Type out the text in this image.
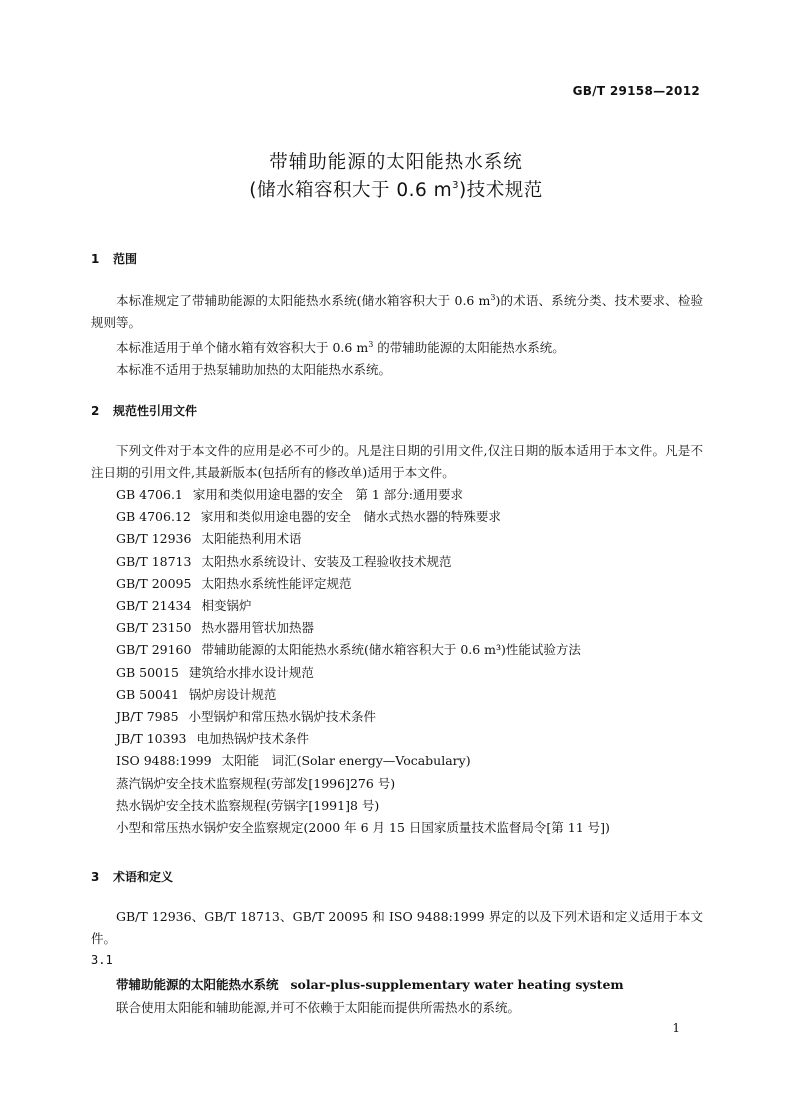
GB/T 29158—2012
带辅助能源的太阳能热水系统
(储水箱容积大于 0.6 $m^3$)技术规范
1 范围

本标准规定了带辅助能源的太阳能热水系统(储水箱容积大于 0.6 $m^3$)的术语、系统分类、技术要求、检验规则等。

本标准适用于单个储水箱有效容积大于 0.6 $m^3$ 的带辅助能源的太阳能热水系统。

本标准不适用于热泵辅助加热的太阳能热水系统。

2 规范性引用文件

下列文件对于本文件的应用是必不可少的。凡是注日期的引用文件,仅注日期的版本适用于本文件。凡是不注日期的引用文件,其最新版本(包括所有的修改单)适用于本文件。

GB 4706.1 家用和类似用途电器的安全　第 1 部分:通用要求
GB 4706.12 家用和类似用途电器的安全　储水式热水器的特殊要求
GB/T 12936 太阳能热利用术语
GB/T 18713 太阳热水系统设计、安装及工程验收技术规范
GB/T 20095 太阳热水系统性能评定规范
GB/T 21434 相变锅炉
GB/T 23150 热水器用管状加热器
GB/T 29160 带辅助能源的太阳能热水系统(储水箱容积大于 0.6 m³)性能试验方法
GB 50015 建筑给水排水设计规范
GB 50041 锅炉房设计规范
JB/T 7985 小型锅炉和常压热水锅炉技术条件
JB/T 10393 电加热锅炉技术条件
ISO 9488:1999 太阳能　词汇(Solar energy—Vocabulary)
蒸汽锅炉安全技术监察规程(劳部发[1996]276 号)
热水锅炉安全技术监察规程(劳锅字[1991]8 号)
小型和常压热水锅炉安全监察规定(2000 年 6 月 15 日国家质量技术监督局令[第 11 号])
3 术语和定义

GB/T 12936、GB/T 18713、GB/T 20095 和 ISO 9488:1999 界定的以及下列术语和定义适用于本文件。

3.1
带辅助能源的太阳能热水系统 solar-plus-supplementary water heating system
联合使用太阳能和辅助能源,并可不依赖于太阳能而提供所需热水的系统。
1
